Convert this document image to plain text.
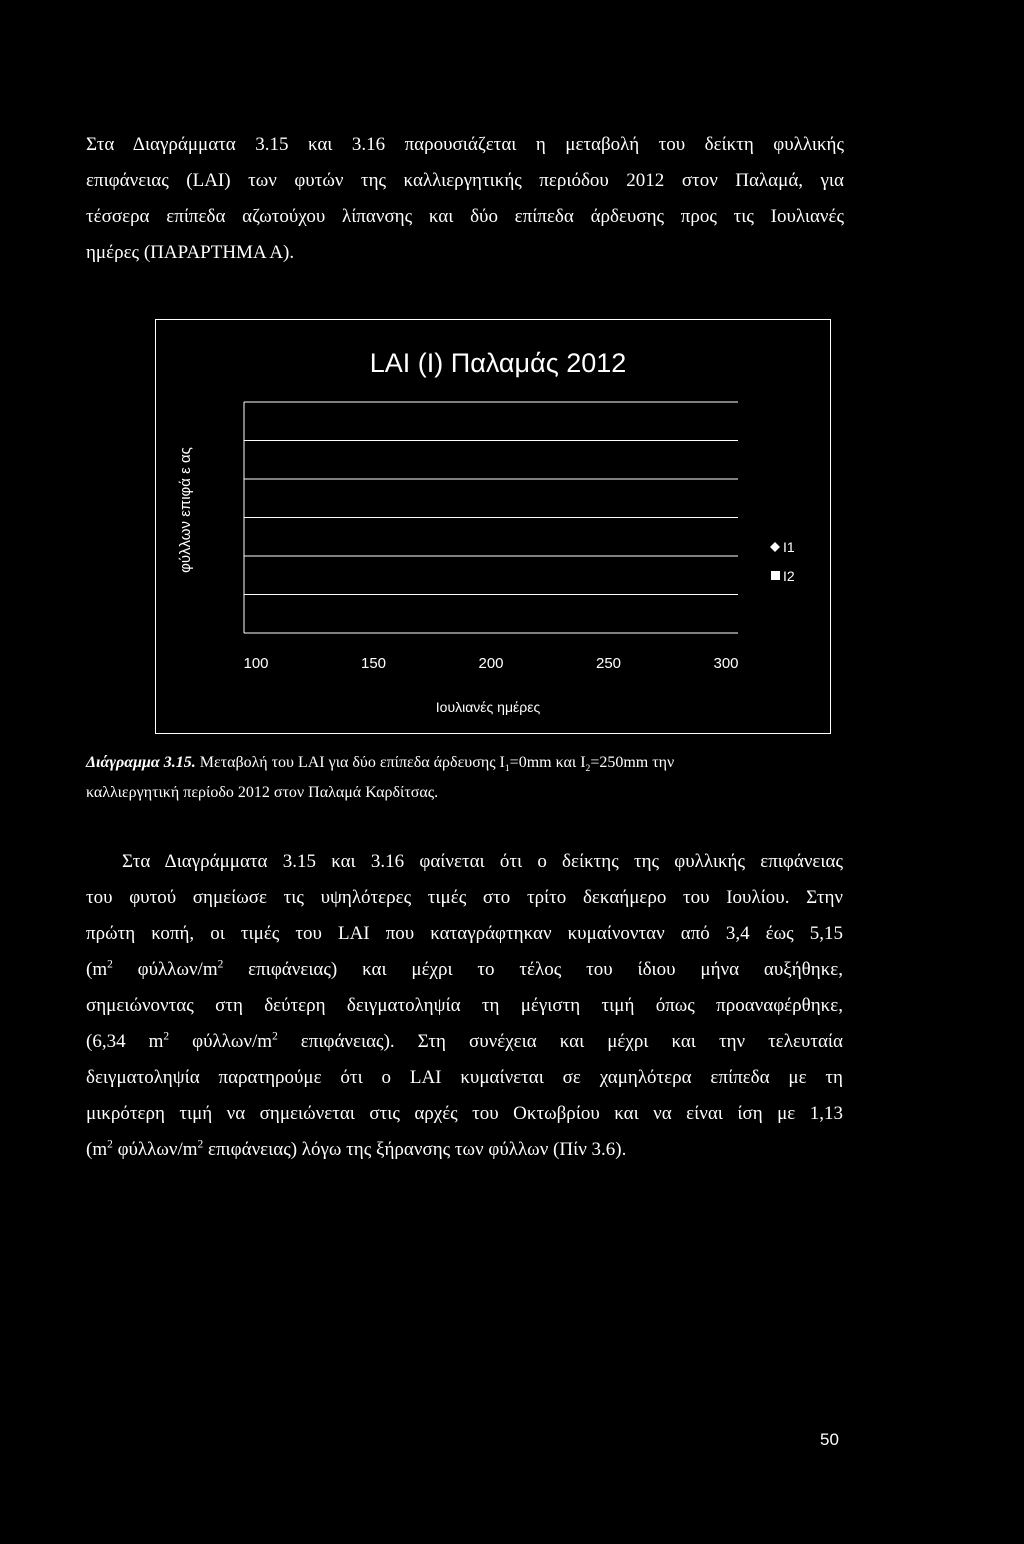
Στα Διαγράμματα 3.15 και 3.16 παρουσιάζεται η μεταβολή του δείκτη φυλλικής
επιφάνειας (LAI) των φυτών της καλλιεργητικής περιόδου 2012 στον Παλαμά, για
τέσσερα επίπεδα αζωτούχου λίπανσης και δύο επίπεδα άρδευσης προς τις Ιουλιανές
ημέρες (ΠΑΡΑΡΤΗΜΑ Α).
LAI (I) Παλαμάς 2012
100	150	200	250	300
Ιουλιανές ημέρες
φύλλων επιφά ε ας	I1
I2
Διάγραμμα 3.15. Μεταβολή του LAI για δύο επίπεδα άρδευσης $I_1=0mm$ και $I_2=250mm$ την
καλλιεργητική περίοδο 2012 στον Παλαμά Καρδίτσας.
Στα Διαγράμματα 3.15 και 3.16 φαίνεται ότι ο δείκτης της φυλλικής επιφάνειας
του φυτού σημείωσε τις υψηλότερες τιμές στο τρίτο δεκαήμερο του Ιουλίου. Στην
πρώτη κοπή, οι τιμές του LAI που καταγράφτηκαν κυμαίνονταν από 3,4 έως 5,15
($m^2$ φύλλων/$m^2$ επιφάνειας) και μέχρι το τέλος του ίδιου μήνα αυξήθηκε,
σημειώνοντας στη δεύτερη δειγματοληψία τη μέγιστη τιμή όπως προαναφέρθηκε,
(6,34 $m^2$ φύλλων/$m^2$ επιφάνειας). Στη συνέχεια και μέχρι και την τελευταία
δειγματοληψία παρατηρούμε ότι ο LAI κυμαίνεται σε χαμηλότερα επίπεδα με τη
μικρότερη τιμή να σημειώνεται στις αρχές του Οκτωβρίου και να είναι ίση με 1,13
($m^2$ φύλλων/$m^2$ επιφάνειας) λόγω της ξήρανσης των φύλλων (Πίν 3.6).
50
